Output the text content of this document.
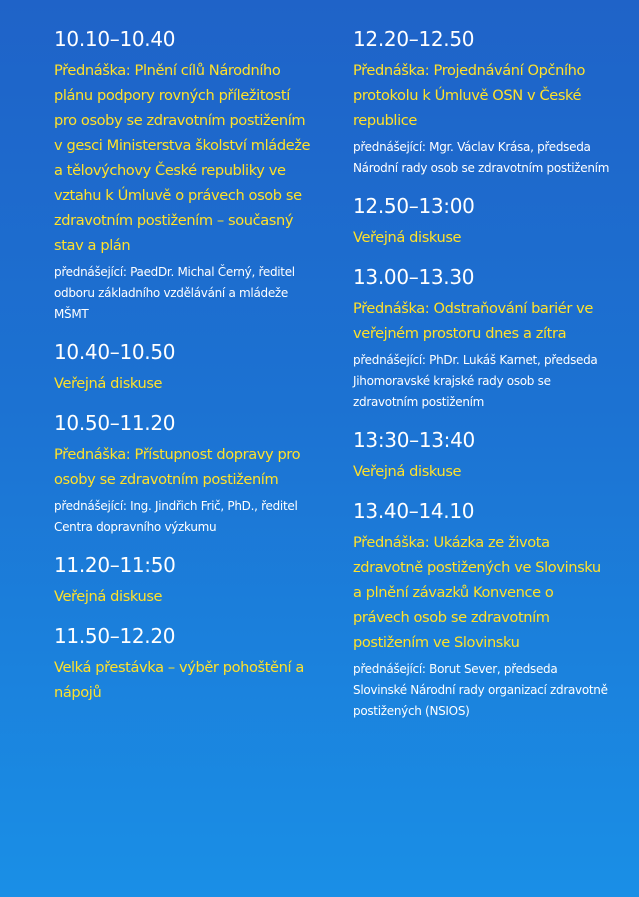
10.10–10.40
Přednáška: Plnění cílů Národního plánu podpory rovných příležitostí pro osoby se zdravotním postižením v gesci Ministerstva školství mládeže a tělovýchovy České republiky ve vztahu k Úmluvě o právech osob se zdravotním postižením – současný stav a plán
přednášející: PaedDr. Michal Černý, ředitel odboru základního vzdělávání a mládeže MŠMT
10.40–10.50
Veřejná diskuse
10.50–11.20
Přednáška: Přístupnost dopravy pro osoby se zdravotním postižením
přednášející: Ing. Jindřich Frič, PhD., ředitel Centra dopravního výzkumu
11.20–11:50
Veřejná diskuse
11.50–12.20
Velká přestávka – výběr pohoštění a nápojů
12.20–12.50
Přednáška: Projednávání Opčního protokolu k Úmluvě OSN v České republice
přednášející: Mgr. Václav Krása, předseda Národní rady osob se zdravotním postižením
12.50–13:00
Veřejná diskuse
13.00–13.30
Přednáška: Odstraňování bariér ve veřejném prostoru dnes a zítra
přednášející: PhDr. Lukáš Karnet, předseda Jihomoravské krajské rady osob se zdravotním postižením
13:30–13:40
Veřejná diskuse
13.40–14.10
Přednáška: Ukázka ze života zdravotně postižených ve Slovinsku a plnění závazků Konvence o právech osob se zdravotním postižením ve Slovinsku
přednášející: Borut Sever, předseda Slovinské Národní rady organizací zdravotně postižených (NSIOS)
